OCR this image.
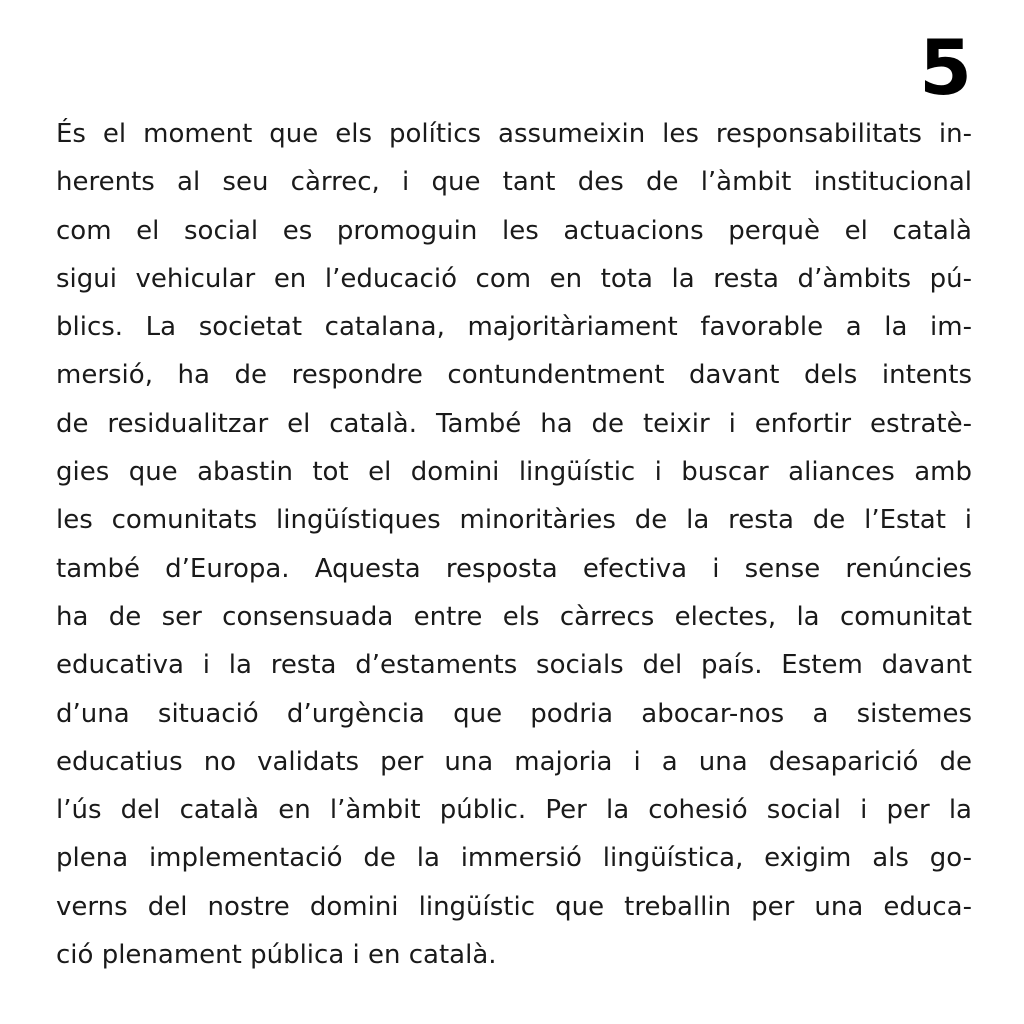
5
És el moment que els polítics assumeixin les responsabilitats in-
herents al seu càrrec, i que tant des de l’àmbit institucional
com el social es promoguin les actuacions perquè el català
sigui vehicular en l’educació com en tota la resta d’àmbits pú-
blics. La societat catalana, majoritàriament favorable a la im-
mersió, ha de respondre contundentment davant dels intents
de residualitzar el català. També ha de teixir i enfortir estratè-
gies que abastin tot el domini lingüístic i buscar aliances amb
les comunitats lingüístiques minoritàries de la resta de l’Estat i
també d’Europa. Aquesta resposta efectiva i sense renúncies
ha de ser consensuada entre els càrrecs electes, la comunitat
educativa i la resta d’estaments socials del país. Estem davant
d’una situació d’urgència que podria abocar-nos a sistemes
educatius no validats per una majoria i a una desaparició de
l’ús del català en l’àmbit públic. Per la cohesió social i per la
plena implementació de la immersió lingüística, exigim als go-
verns del nostre domini lingüístic que treballin per una educa-
ció plenament pública i en català.
